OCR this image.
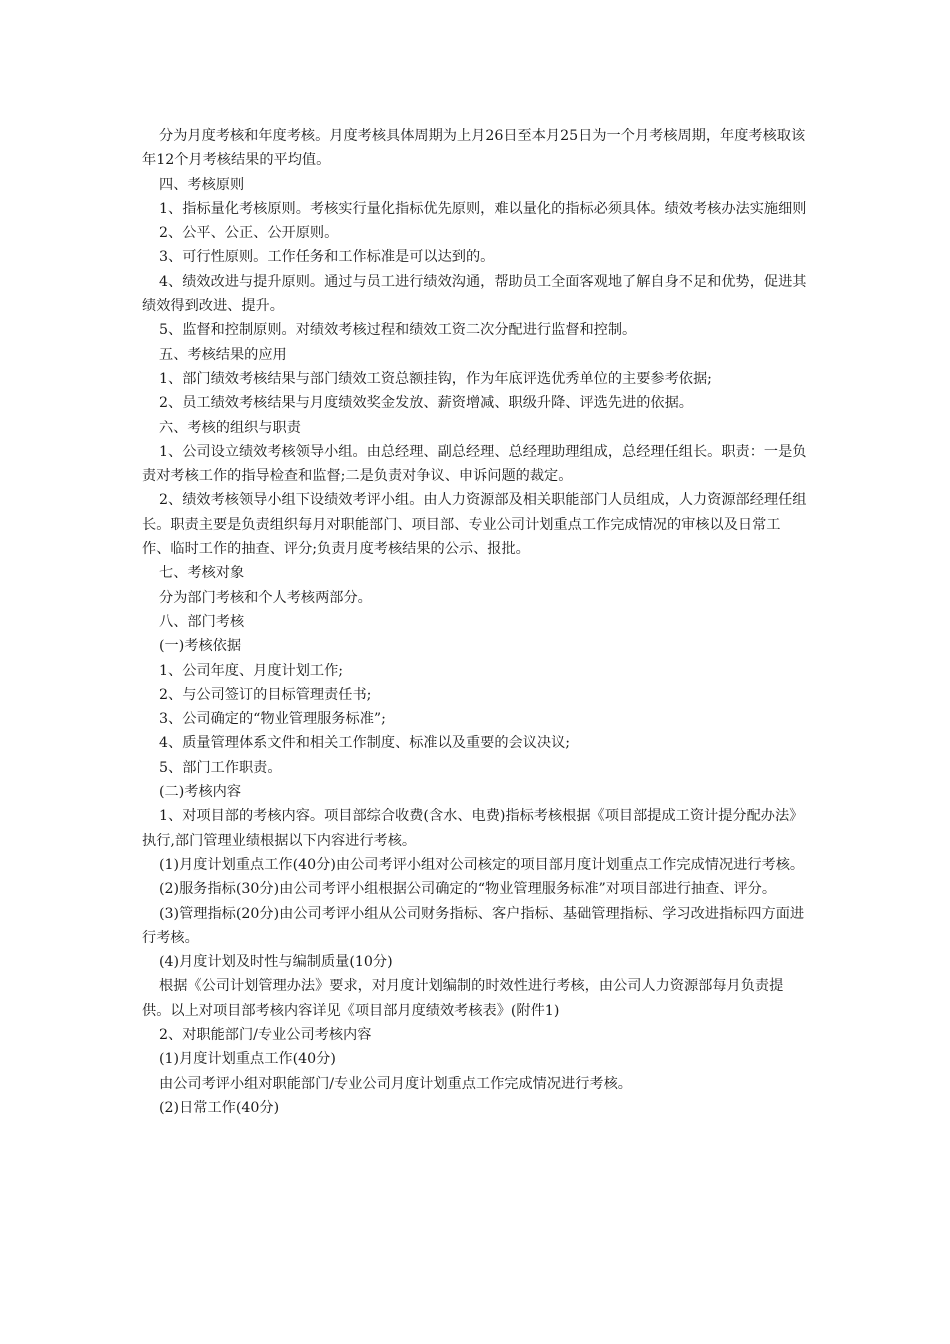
分为月度考核和年度考核。月度考核具体周期为上月26日至本月25日为一个月考核周期，年度考核取该年12个月考核结果的平均值。

四、考核原则

1、指标量化考核原则。考核实行量化指标优先原则，难以量化的指标必须具体。绩效考核办法实施细则

2、公平、公正、公开原则。

3、可行性原则。工作任务和工作标准是可以达到的。

4、绩效改进与提升原则。通过与员工进行绩效沟通，帮助员工全面客观地了解自身不足和优势，促进其绩效得到改进、提升。

5、监督和控制原则。对绩效考核过程和绩效工资二次分配进行监督和控制。

五、考核结果的应用

1、部门绩效考核结果与部门绩效工资总额挂钩，作为年底评选优秀单位的主要参考依据;

2、员工绩效考核结果与月度绩效奖金发放、薪资增减、职级升降、评选先进的依据。

六、考核的组织与职责

1、公司设立绩效考核领导小组。由总经理、副总经理、总经理助理组成，总经理任组长。职责：一是负责对考核工作的指导检查和监督;二是负责对争议、申诉问题的裁定。

2、绩效考核领导小组下设绩效考评小组。由人力资源部及相关职能部门人员组成，人力资源部经理任组长。职责主要是负责组织每月对职能部门、项目部、专业公司计划重点工作完成情况的审核以及日常工作、临时工作的抽查、评分;负责月度考核结果的公示、报批。

七、考核对象

分为部门考核和个人考核两部分。

八、部门考核

(一)考核依据

1、公司年度、月度计划工作;

2、与公司签订的目标管理责任书;

3、公司确定的“物业管理服务标准”;

4、质量管理体系文件和相关工作制度、标准以及重要的会议决议;

5、部门工作职责。

(二)考核内容

1、对项目部的考核内容。项目部综合收费(含水、电费)指标考核根据《项目部提成工资计提分配办法》执行,部门管理业绩根据以下内容进行考核。

(1)月度计划重点工作(40分)由公司考评小组对公司核定的项目部月度计划重点工作完成情况进行考核。

(2)服务指标(30分)由公司考评小组根据公司确定的“物业管理服务标准”对项目部进行抽查、评分。

(3)管理指标(20分)由公司考评小组从公司财务指标、客户指标、基础管理指标、学习改进指标四方面进行考核。

(4)月度计划及时性与编制质量(10分)

根据《公司计划管理办法》要求，对月度计划编制的时效性进行考核，由公司人力资源部每月负责提供。以上对项目部考核内容详见《项目部月度绩效考核表》(附件1)

2、对职能部门/专业公司考核内容

(1)月度计划重点工作(40分)

由公司考评小组对职能部门/专业公司月度计划重点工作完成情况进行考核。

(2)日常工作(40分)
